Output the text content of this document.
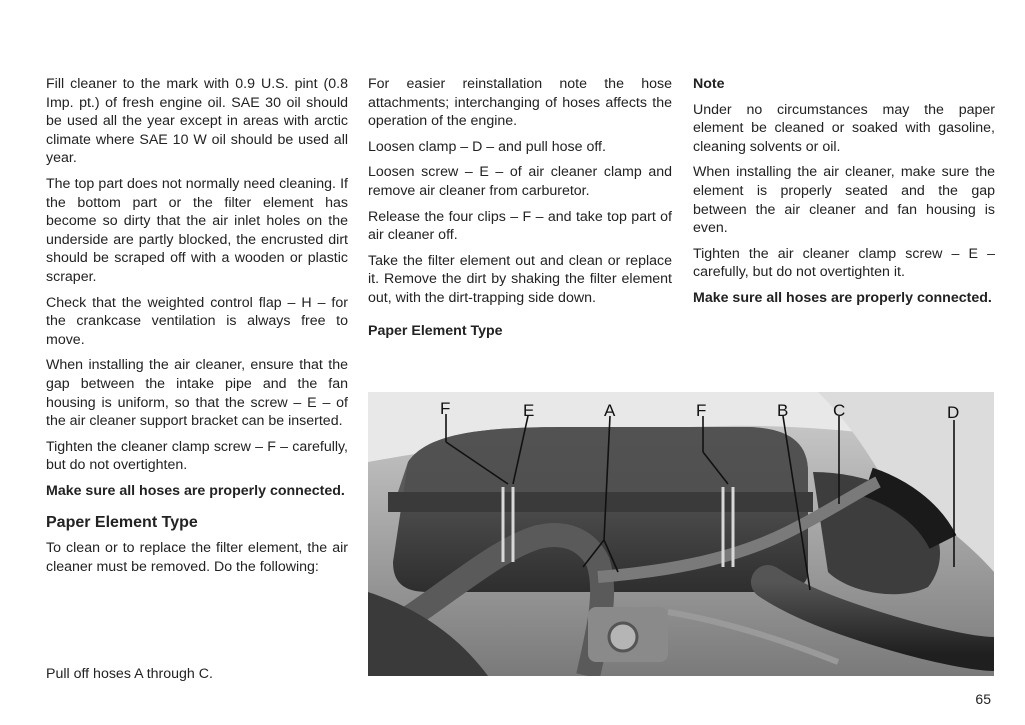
Fill cleaner to the mark with 0.9 U.S. pint (0.8 Imp. pt.) of fresh engine oil. SAE 30 oil should be used all the year except in areas with arctic climate where SAE 10 W oil should be used all year.

The top part does not normally need cleaning. If the bottom part or the filter element has become so dirty that the air inlet holes on the underside are partly blocked, the encrusted dirt should be scraped off with a wooden or plastic scraper.

Check that the weighted control flap – H – for the crankcase ventilation is always free to move.

When installing the air cleaner, ensure that the gap between the intake pipe and the fan housing is uniform, so that the screw – E – of the air cleaner support bracket can be inserted.

Tighten the cleaner clamp screw – F – carefully, but do not overtighten.

Make sure all hoses are properly connected.

Paper Element Type

To clean or to replace the filter element, the air cleaner must be removed. Do the following:

Pull off hoses A through C.

For easier reinstallation note the hose attachments; interchanging of hoses affects the operation of the engine.

Loosen clamp – D – and pull hose off.

Loosen screw – E – of air cleaner clamp and remove air cleaner from carburetor.

Release the four clips – F – and take top part of air cleaner off.

Take the filter element out and clean or replace it. Remove the dirt by shaking the filter element out, with the dirt-trapping side down.

Paper Element Type

Note

Under no circumstances may the paper element be cleaned or soaked with gasoline, cleaning solvents or oil.

When installing the air cleaner, make sure the element is properly seated and the gap between the air cleaner and fan housing is even.

Tighten the air cleaner clamp screw – E – carefully, but do not overtighten it.

Make sure all hoses are properly connected.

F	E	A	F	B	C	D
65
